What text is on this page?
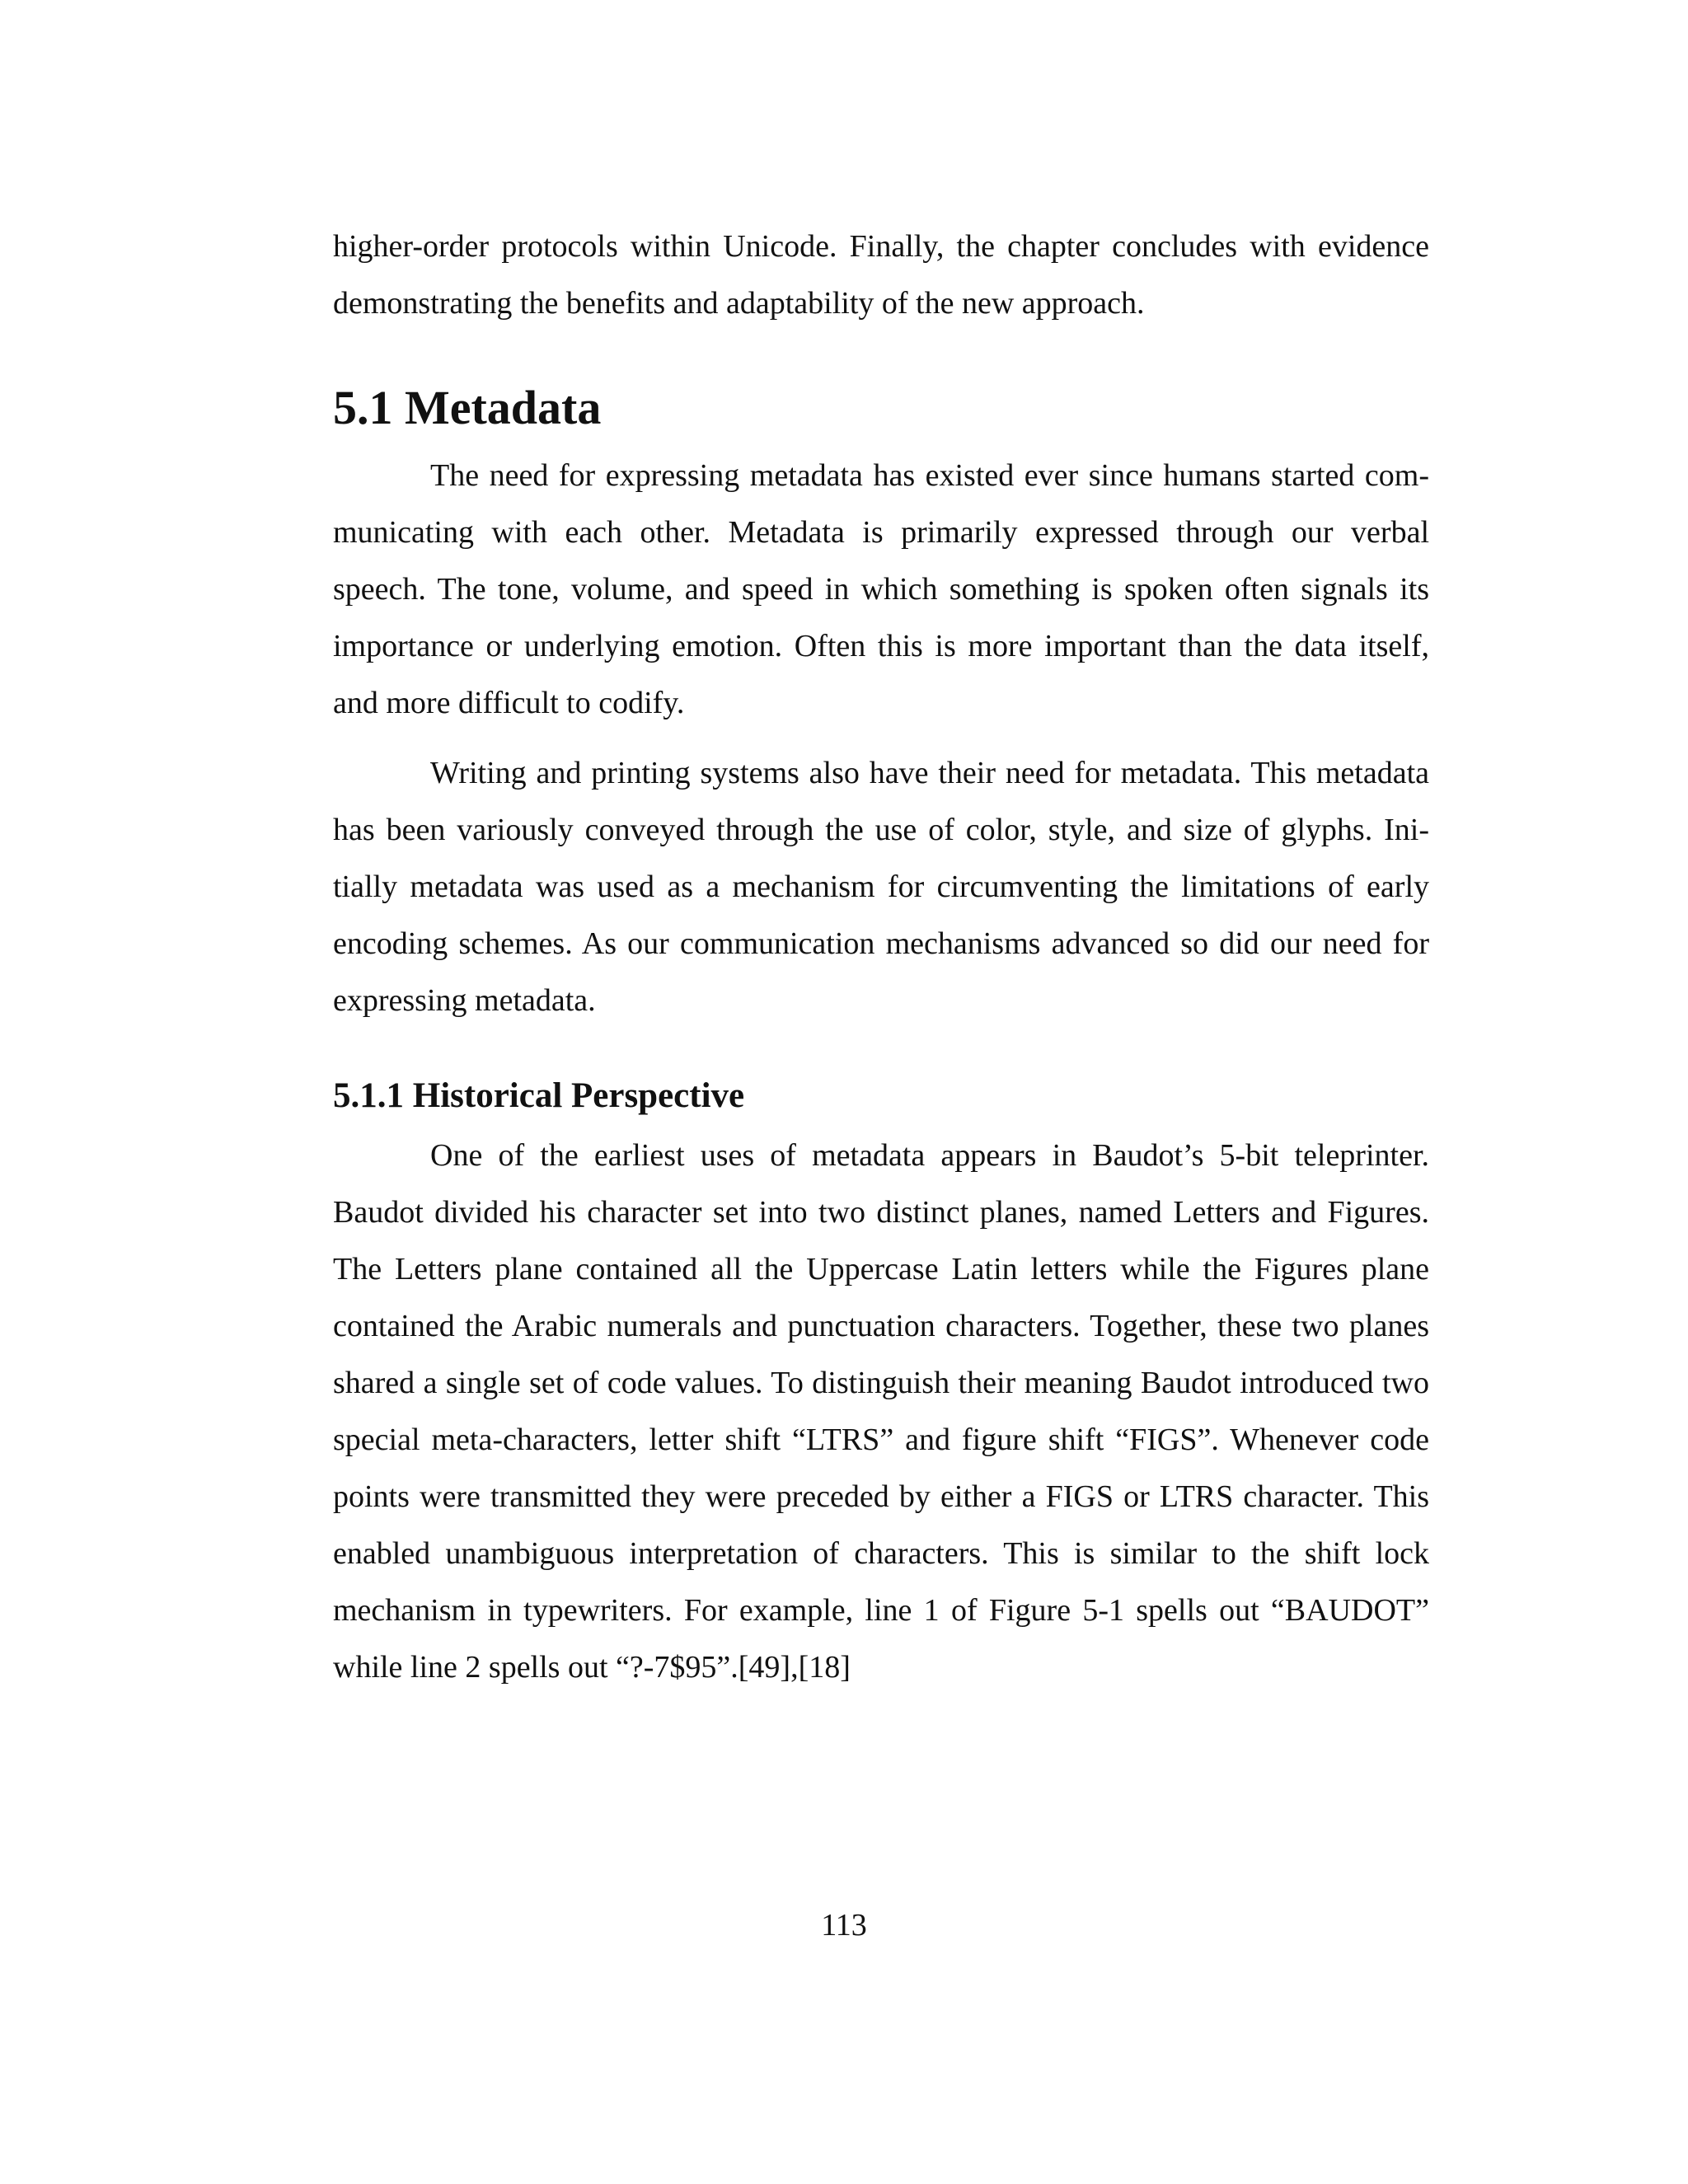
higher-order protocols within Unicode. Finally, the chapter concludes with evidence demonstrating the benefits and adaptability of the new approach.

5.1 Metadata

The need for expressing metadata has existed ever since humans started communicating with each other. Metadata is primarily expressed through our verbal speech. The tone, volume, and speed in which something is spoken often signals its importance or underlying emotion. Often this is more important than the data itself, and more difficult to codify.

Writing and printing systems also have their need for metadata. This metadata has been variously conveyed through the use of color, style, and size of glyphs. Initially metadata was used as a mechanism for circumventing the limitations of early encoding schemes. As our communication mechanisms advanced so did our need for expressing metadata.

5.1.1 Historical Perspective

One of the earliest uses of metadata appears in Baudot’s 5-bit teleprinter. Baudot divided his character set into two distinct planes, named Letters and Figures. The Letters plane contained all the Uppercase Latin letters while the Figures plane contained the Arabic numerals and punctuation characters. Together, these two planes shared a single set of code values. To distinguish their meaning Baudot introduced two special meta-characters, letter shift “LTRS” and figure shift “FIGS”. Whenever code points were transmitted they were preceded by either a FIGS or LTRS character. This enabled unambiguous interpretation of characters. This is similar to the shift lock mechanism in typewriters. For example, line 1 of Figure 5-1 spells out “BAUDOT” while line 2 spells out “?-7$95”.[49],[18]

113
